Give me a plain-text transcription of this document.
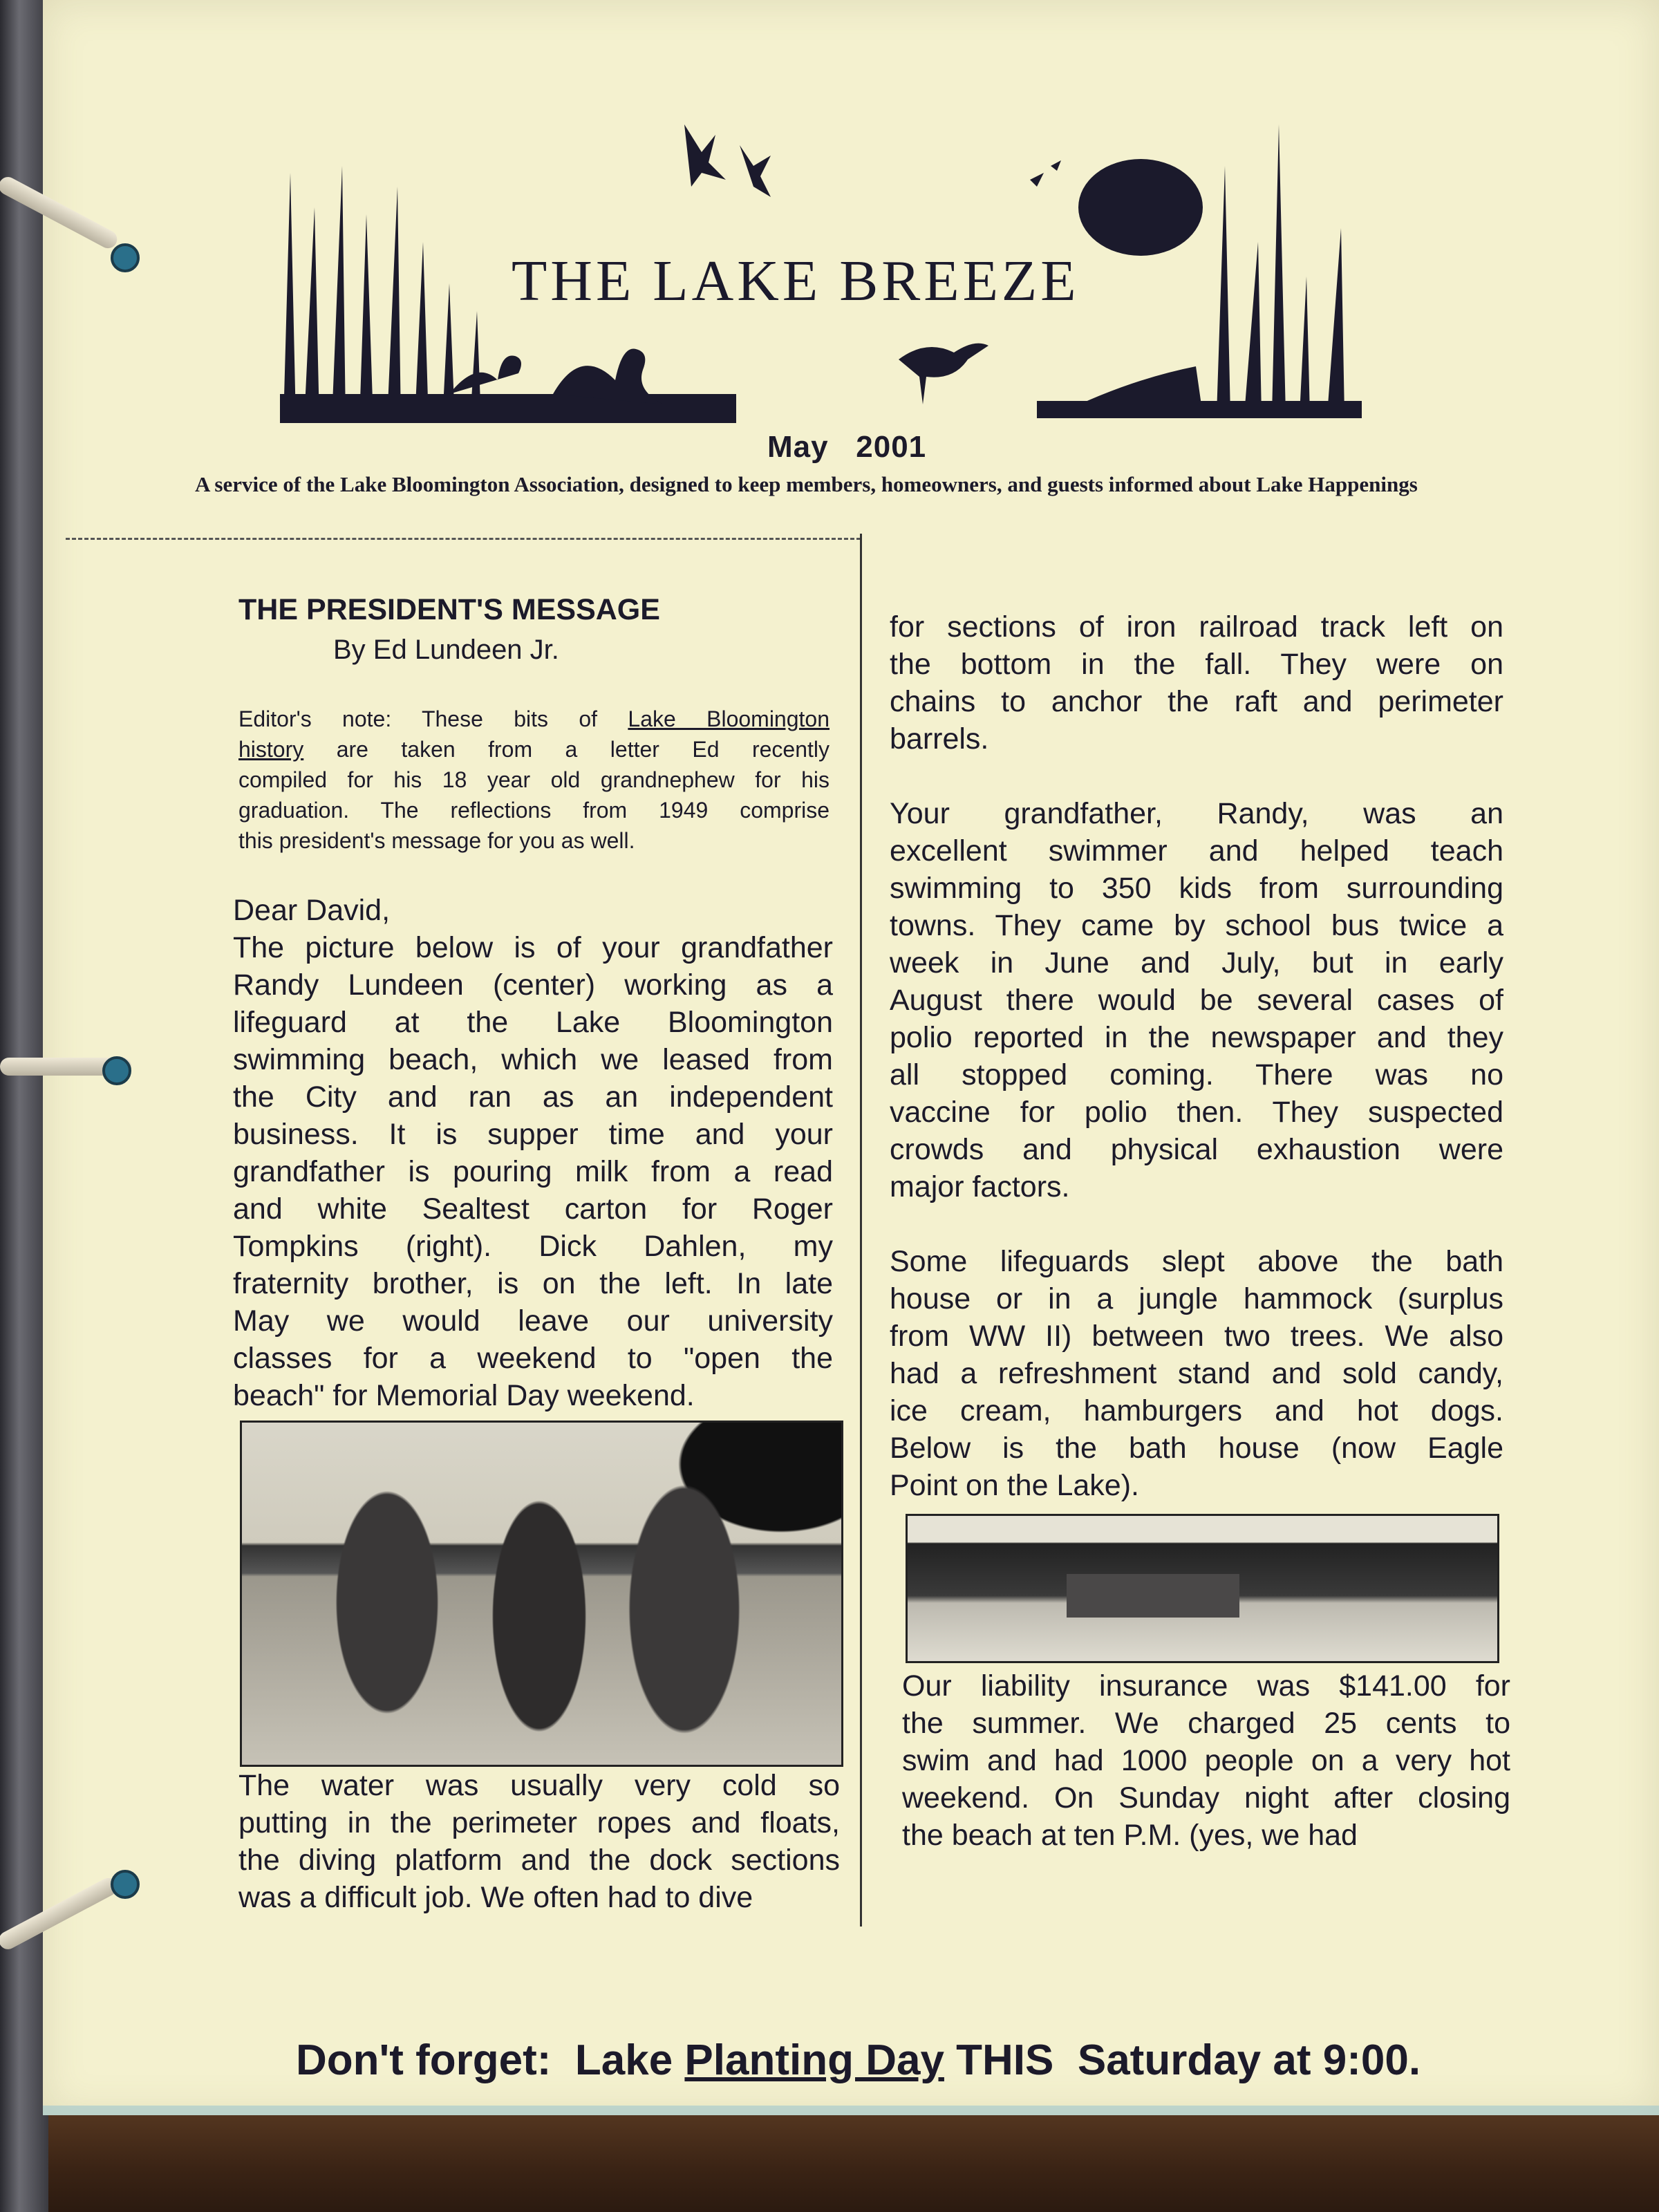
THE LAKE BREEZE
May   2001
A service of the Lake Bloomington Association, designed to keep members, homeowners, and guests informed about Lake Happenings
THE PRESIDENT'S MESSAGE
By Ed Lundeen Jr.
Editor's note: These bits of Lake Bloomington
history are taken from a letter Ed recently
compiled for his 18 year old grandnephew for his
graduation. The reflections from 1949 comprise
this president's message for you as well.
Dear David,
The picture below is of your grandfather
Randy Lundeen (center) working as a
lifeguard at the Lake Bloomington
swimming beach, which we leased from
the City and ran as an independent
business. It is supper time and your
grandfather is pouring milk from a read
and white Sealtest carton for Roger
Tompkins (right). Dick Dahlen, my
fraternity brother, is on the left. In late
May we would leave our university
classes for a weekend to "open the
beach" for Memorial Day weekend.
The water was usually very cold so
putting in the perimeter ropes and floats,
the diving platform and the dock sections
was a difficult job. We often had to dive
for sections of iron railroad track left on
the bottom in the fall. They were on
chains to anchor the raft and perimeter
barrels.
Your grandfather, Randy, was an
excellent swimmer and helped teach
swimming to 350 kids from surrounding
towns. They came by school bus twice a
week in June and July, but in early
August there would be several cases of
polio reported in the newspaper and they
all stopped coming. There was no
vaccine for polio then. They suspected
crowds and physical exhaustion were
major factors.
Some lifeguards slept above the bath
house or in a jungle hammock (surplus
from WW II) between two trees. We also
had a refreshment stand and sold candy,
ice cream, hamburgers and hot dogs.
Below is the bath house (now Eagle
Point on the Lake).
Our liability insurance was $141.00 for
the summer. We charged 25 cents to
swim and had 1000 people on a very hot
weekend. On Sunday night after closing
the beach at ten P.M. (yes, we had
Don't forget:  Lake Planting Day THIS  Saturday at 9:00.
